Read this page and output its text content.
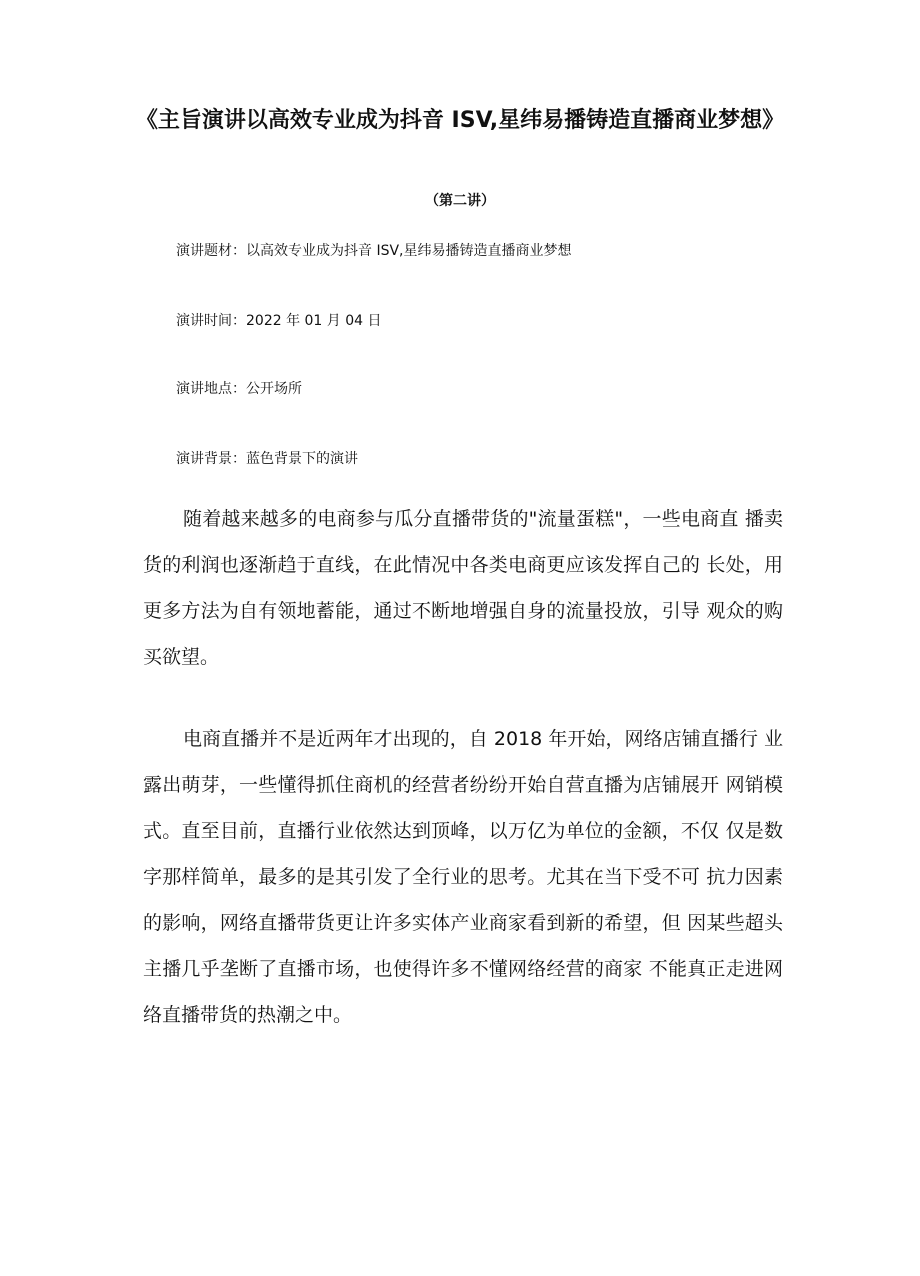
《主旨演讲以高效专业成为抖音 ISV,星纬易播铸造直播商业梦想》

（第二讲）

演讲题材：以高效专业成为抖音 ISV,星纬易播铸造直播商业梦想

演讲时间：2022 年 01 月 04 日

演讲地点：公开场所

演讲背景：蓝色背景下的演讲

随着越来越多的电商参与瓜分直播带货的"流量蛋糕"，一些电商直 播卖货的利润也逐渐趋于直线，在此情况中各类电商更应该发挥自己的 长处，用更多方法为自有领地蓄能，通过不断地增强自身的流量投放，引导 观众的购买欲望。

电商直播并不是近两年才出现的，自 2018 年开始，网络店铺直播行 业露出萌芽，一些懂得抓住商机的经营者纷纷开始自营直播为店铺展开 网销模式。直至目前，直播行业依然达到顶峰，以万亿为单位的金额，不仅 仅是数字那样简单，最多的是其引发了全行业的思考。尤其在当下受不可 抗力因素的影响，网络直播带货更让许多实体产业商家看到新的希望，但 因某些超头主播几乎垄断了直播市场，也使得许多不懂网络经营的商家 不能真正走进网络直播带货的热潮之中。
